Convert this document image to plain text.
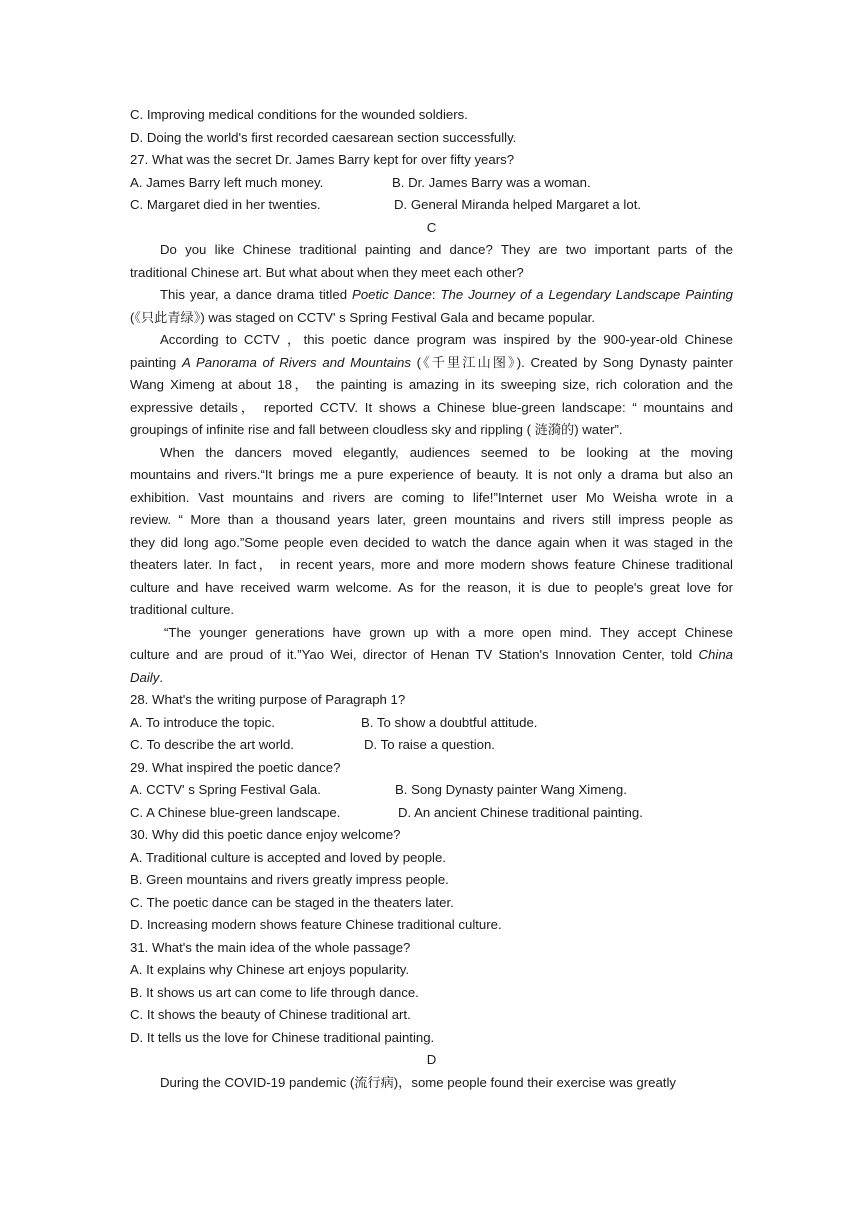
C. Improving medical conditions for the wounded soldiers.
D. Doing the world's first recorded caesarean section successfully.
27. What was the secret Dr. James Barry kept for over fifty years?
A. James Barry left much money.	B. Dr. James Barry was a woman.
C. Margaret died in her twenties.	D. General Miranda helped Margaret a lot.
C
Do you like Chinese traditional painting and dance? They are two important parts of the
traditional Chinese art. But what about when they meet each other?
This year, a dance drama titled Poetic Dance: The Journey of a Legendary Landscape Painting
(《只此青绿》) was staged on CCTV' s Spring Festival Gala and became popular.
According to CCTV ，this poetic dance program was inspired by the 900-year-old Chinese
painting A Panorama of Rivers and Mountains (《千里江山图》). Created by Song Dynasty painter
Wang Ximeng at about 18， the painting is amazing in its sweeping size, rich coloration and the
expressive details， reported CCTV. It shows a Chinese blue-green landscape: “ mountains and
groupings of infinite rise and fall between cloudless sky and rippling ( 涟漪的) water”.
When the dancers moved elegantly, audiences seemed to be looking at the moving
mountains and rivers.“It brings me a pure experience of beauty. It is not only a drama but also an
exhibition. Vast mountains and rivers are coming to life!”Internet user Mo Weisha wrote in a
review. “ More than a thousand years later, green mountains and rivers still impress people as
they did long ago.”Some people even decided to watch the dance again when it was staged in the
theaters later. In fact， in recent years, more and more modern shows feature Chinese traditional
culture and have received warm welcome. As for the reason, it is due to people's great love for
traditional culture.
“The younger generations have grown up with a more open mind. They accept Chinese
culture and are proud of it.”Yao Wei, director of Henan TV Station's Innovation Center, told China
Daily.
28. What's the writing purpose of Paragraph 1?
A. To introduce the topic.	B. To show a doubtful attitude.
C. To describe the art world.	D. To raise a question.
29. What inspired the poetic dance?
A. CCTV' s Spring Festival Gala.	B. Song Dynasty painter Wang Ximeng.
C. A Chinese blue-green landscape.	D. An ancient Chinese traditional painting.
30. Why did this poetic dance enjoy welcome?
A. Traditional culture is accepted and loved by people.
B. Green mountains and rivers greatly impress people.
C. The poetic dance can be staged in the theaters later.
D. Increasing modern shows feature Chinese traditional culture.
31. What's the main idea of the whole passage?
A. It explains why Chinese art enjoys popularity.
B. It shows us art can come to life through dance.
C. It shows the beauty of Chinese traditional art.
D. It tells us the love for Chinese traditional painting.
D
During the COVID-19 pandemic (流行病)，some people found their exercise was greatly
